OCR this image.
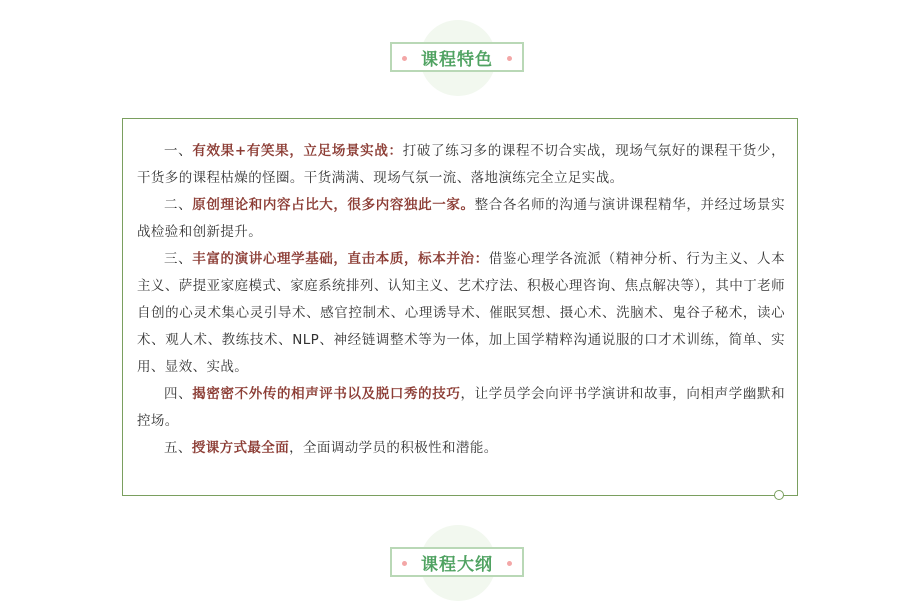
课程特色

一、有效果+有笑果，立足场景实战：打破了练习多的课程不切合实战，现场气氛好的课程干货少，干货多的课程枯燥的怪圈。干货满满、现场气氛一流、落地演练完全立足实战。

二、原创理论和内容占比大，很多内容独此一家。整合各名师的沟通与演讲课程精华，并经过场景实战检验和创新提升。

三、丰富的演讲心理学基础，直击本质，标本并治：借鉴心理学各流派（精神分析、行为主义、人本主义、萨提亚家庭模式、家庭系统排列、认知主义、艺术疗法、积极心理咨询、焦点解决等），其中丁老师自创的心灵术集心灵引导术、感官控制术、心理诱导术、催眠冥想、摄心术、洗脑术、鬼谷子秘术，读心术、观人术、教练技术、NLP、神经链调整术等为一体，加上国学精粹沟通说服的口才术训练，简单、实用、显效、实战。

四、揭密密不外传的相声评书以及脱口秀的技巧，让学员学会向评书学演讲和故事，向相声学幽默和控场。

五、授课方式最全面，全面调动学员的积极性和潜能。

课程大纲
